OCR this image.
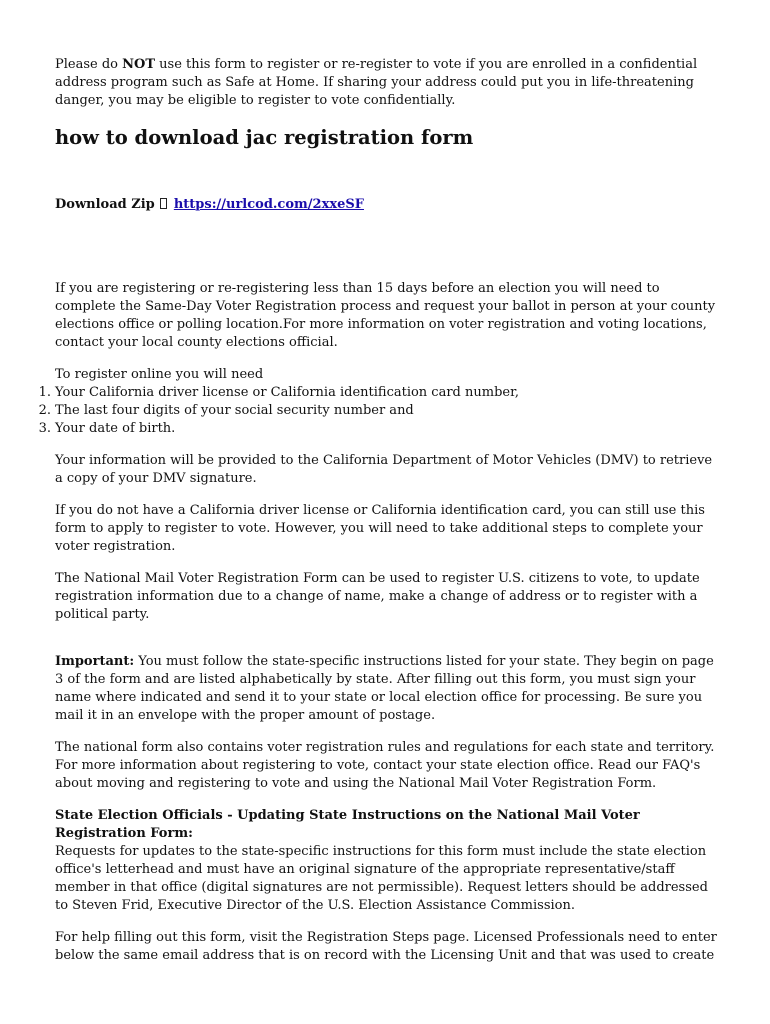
Please do NOT use this form to register or re-register to vote if you are enrolled in a confidential address program such as Safe at Home. If sharing your address could put you in life-threatening danger, you may be eligible to register to vote confidentially.

how to download jac registration form

Download Zip https://urlcod.com/2xxeSF

If you are registering or re-registering less than 15 days before an election you will need to complete the Same-Day Voter Registration process and request your ballot in person at your county elections office or polling location.For more information on voter registration and voting locations, contact your local county elections official.

To register online you will need

1. Your California driver license or California identification card number,
2. The last four digits of your social security number and
3. Your date of birth.

Your information will be provided to the California Department of Motor Vehicles (DMV) to retrieve a copy of your DMV signature.

If you do not have a California driver license or California identification card, you can still use this form to apply to register to vote. However, you will need to take additional steps to complete your voter registration.

The National Mail Voter Registration Form can be used to register U.S. citizens to vote, to update registration information due to a change of name, make a change of address or to register with a political party.

Important: You must follow the state-specific instructions listed for your state. They begin on page 3 of the form and are listed alphabetically by state. After filling out this form, you must sign your name where indicated and send it to your state or local election office for processing. Be sure you mail it in an envelope with the proper amount of postage.

The national form also contains voter registration rules and regulations for each state and territory. For more information about registering to vote, contact your state election office. Read our FAQ's about moving and registering to vote and using the National Mail Voter Registration Form.

State Election Officials - Updating State Instructions on the National Mail Voter Registration Form:

Requests for updates to the state-specific instructions for this form must include the state election office's letterhead and must have an original signature of the appropriate representative/staff member in that office (digital signatures are not permissible). Request letters should be addressed to Steven Frid, Executive Director of the U.S. Election Assistance Commission.

For help filling out this form, visit the Registration Steps page. Licensed Professionals need to enter below the same email address that is on record with the Licensing Unit and that was used to create
